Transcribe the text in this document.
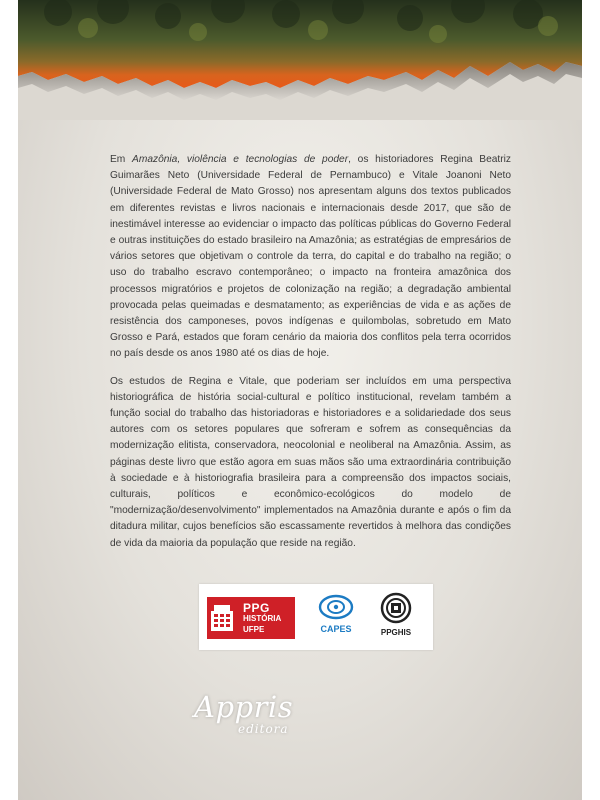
Em Amazônia, violência e tecnologias de poder, os historiadores Regina Beatriz Guimarães Neto (Universidade Federal de Pernambuco) e Vitale Joanoni Neto (Universidade Federal de Mato Grosso) nos apresentam alguns dos textos publicados em diferentes revistas e livros nacionais e internacionais desde 2017, que são de inestimável interesse ao evidenciar o impacto das políticas públicas do Governo Federal e outras instituições do estado brasileiro na Amazônia; as estratégias de empresários de vários setores que objetivam o controle da terra, do capital e do trabalho na região; o uso do trabalho escravo contemporâneo; o impacto na fronteira amazônica dos processos migratórios e projetos de colonização na região; a degradação ambiental provocada pelas queimadas e desmatamento; as experiências de vida e as ações de resistência dos camponeses, povos indígenas e quilombolas, sobretudo em Mato Grosso e Pará, estados que foram cenário da maioria dos conflitos pela terra ocorridos no país desde os anos 1980 até os dias de hoje.

Os estudos de Regina e Vitale, que poderiam ser incluídos em uma perspectiva historiográfica de história social-cultural e político institucional, revelam também a função social do trabalho das historiadoras e historiadores e a solidariedade dos seus autores com os setores populares que sofreram e sofrem as consequências da modernização elitista, conservadora, neocolonial e neoliberal na Amazônia. Assim, as páginas deste livro que estão agora em suas mãos são uma extraordinária contribuição à sociedade e à historiografia brasileira para a compreensão dos impactos sociais, culturais, políticos e econômico-ecológicos do modelo de "modernização/desenvolvimento" implementados na Amazônia durante e após o fim da ditadura militar, cujos benefícios são escassamente revertidos à melhora das condições de vida da maioria da população que reside na região.

PPG
HISTÓRIA
UFPE	CAPES	PPGHIS
Appris
editora
